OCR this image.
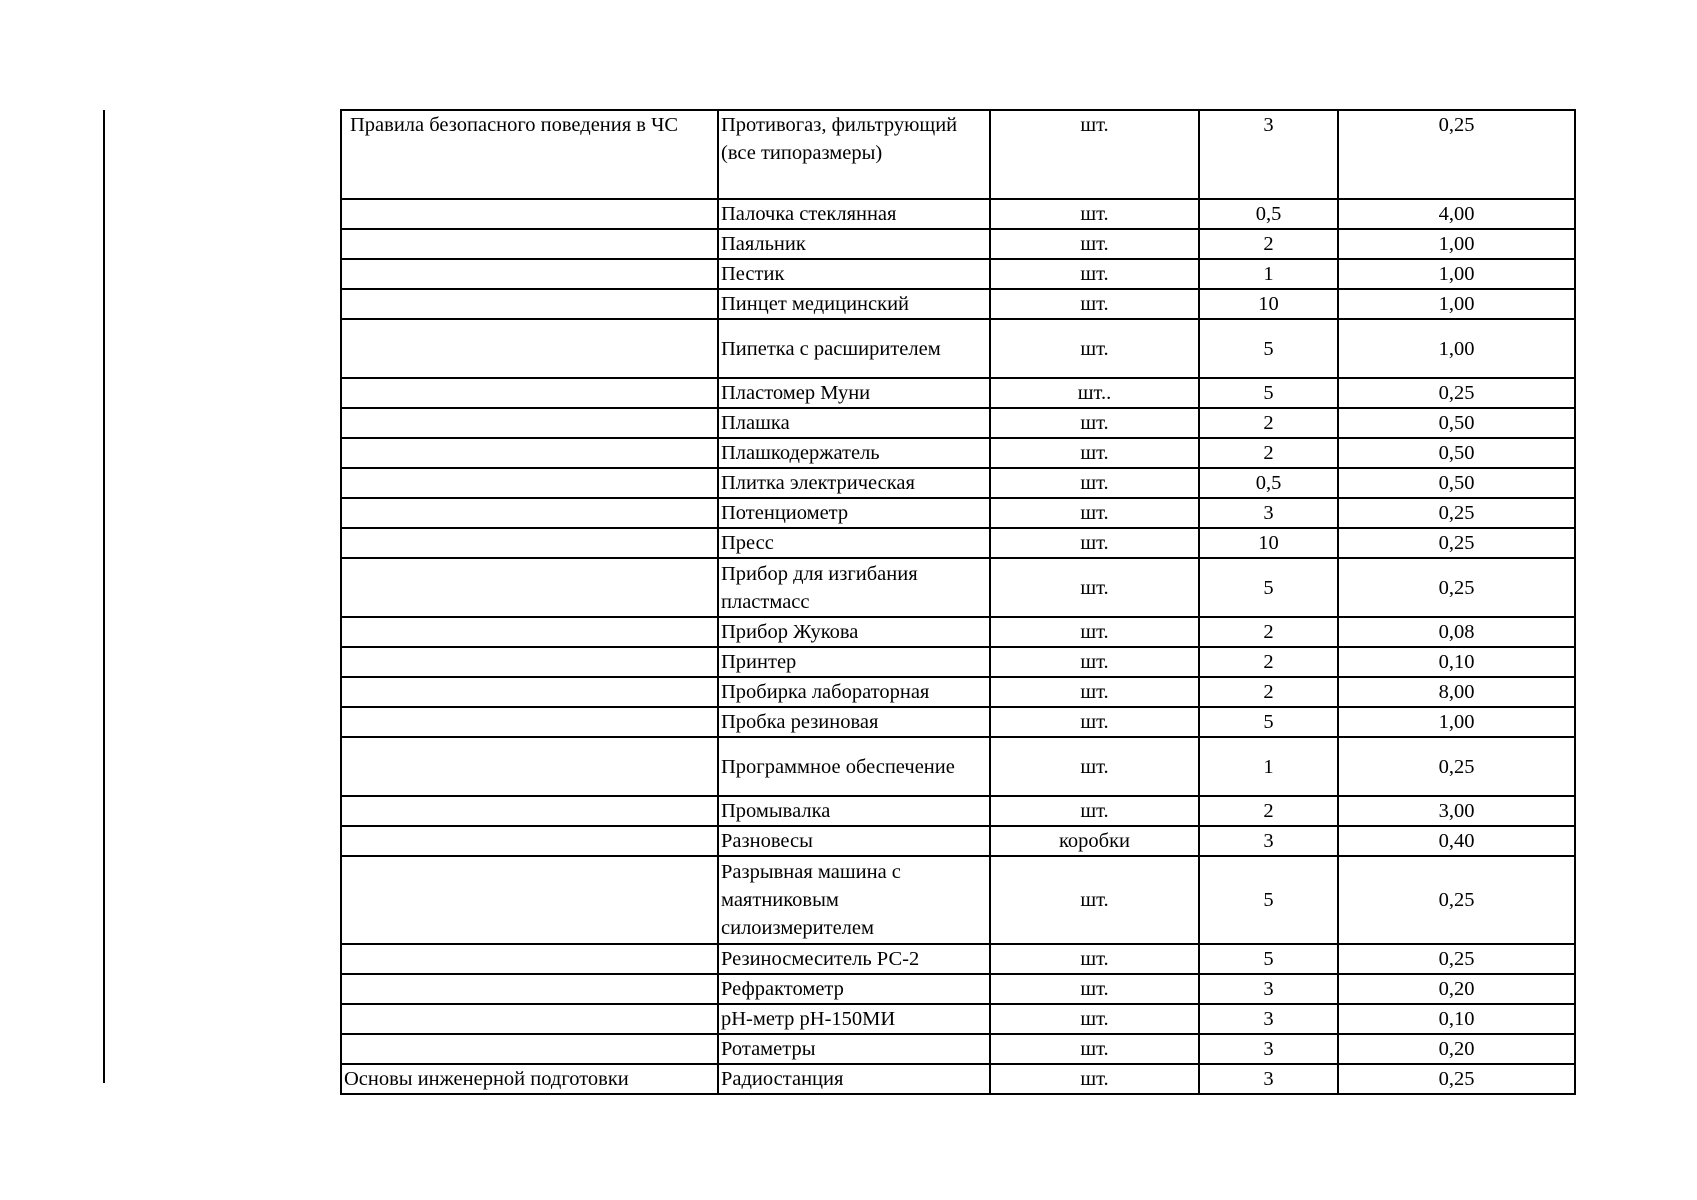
Правила безопасного поведения в ЧС	Противогаз, фильтрующий (все типоразмеры)	шт.	3	0,25
	Палочка стеклянная	шт.	0,5	4,00
	Паяльник	шт.	2	1,00
	Пестик	шт.	1	1,00
	Пинцет медицинский	шт.	10	1,00
	Пипетка с расширителем	шт.	5	1,00
	Пластомер Муни	шт..	5	0,25
	Плашка	шт.	2	0,50
	Плашкодержатель	шт.	2	0,50
	Плитка электрическая	шт.	0,5	0,50
	Потенциометр	шт.	3	0,25
	Пресс	шт.	10	0,25
	Прибор для изгибания пластмасс	шт.	5	0,25
	Прибор Жукова	шт.	2	0,08
	Принтер	шт.	2	0,10
	Пробирка лабораторная	шт.	2	8,00
	Пробка резиновая	шт.	5	1,00
	Программное обеспечение	шт.	1	0,25
	Промывалка	шт.	2	3,00
	Разновесы	коробки	3	0,40
	Разрывная машина с маятниковым силоизмерителем	шт.	5	0,25
	Резиносмеситель РС-2	шт.	5	0,25
	Рефрактометр	шт.	3	0,20
	pH-метр pH-150МИ	шт.	3	0,10
	Ротаметры	шт.	3	0,20
Основы инженерной подготовки	Радиостанция	шт.	3	0,25
